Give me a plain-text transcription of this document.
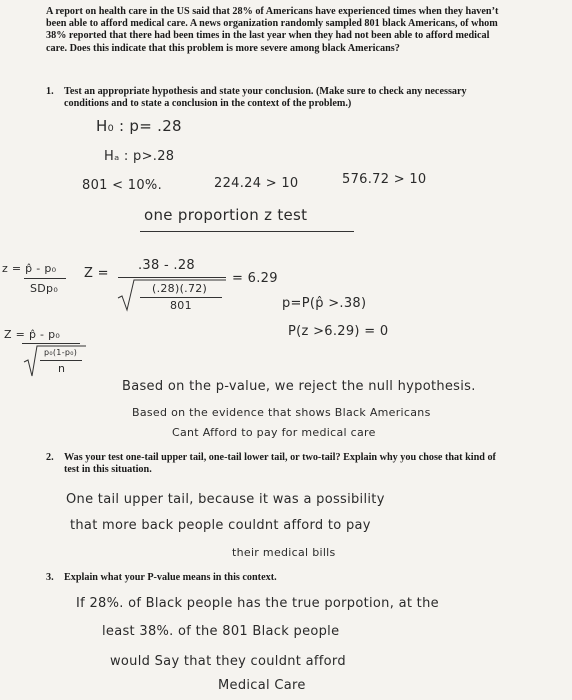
A report on health care in the US said that 28% of Americans have experienced times when they haven’t been able to afford medical care. A news organization randomly sampled 801 black Americans, of whom 38% reported that there had been times in the last year when they had not been able to afford medical care. Does this indicate that this problem is more severe among black Americans?
1. Test an appropriate hypothesis and state your conclusion. (Make sure to check any necessary conditions and to state a conclusion in the context of the problem.)
H₀ : p= .28
Hₐ : p>.28
801 < 10%.	224.24 > 10	576.72 > 10
one proportion z test
z = p̂ - p₀
SDp₀
Z =
.38 - .28
(.28)(.72)
801
= 6.29
Z = p̂ - p₀
p₀(1-p₀)
n
p=P(p̂ >.38)
P(z >6.29) = 0
Based on the p-value, we reject the null hypothesis.
Based on the evidence that shows Black Americans
Cant Afford to pay for medical care
2. Was your test one-tail upper tail, one-tail lower tail, or two-tail? Explain why you chose that kind of test in this situation.
One tail upper tail, because it was a possibility
that more back people couldnt afford to pay
their medical bills
3. Explain what your P-value means in this context.
If 28%. of Black people has the true porpotion, at the
least 38%. of the 801 Black people
would Say that they couldnt afford
Medical Care
